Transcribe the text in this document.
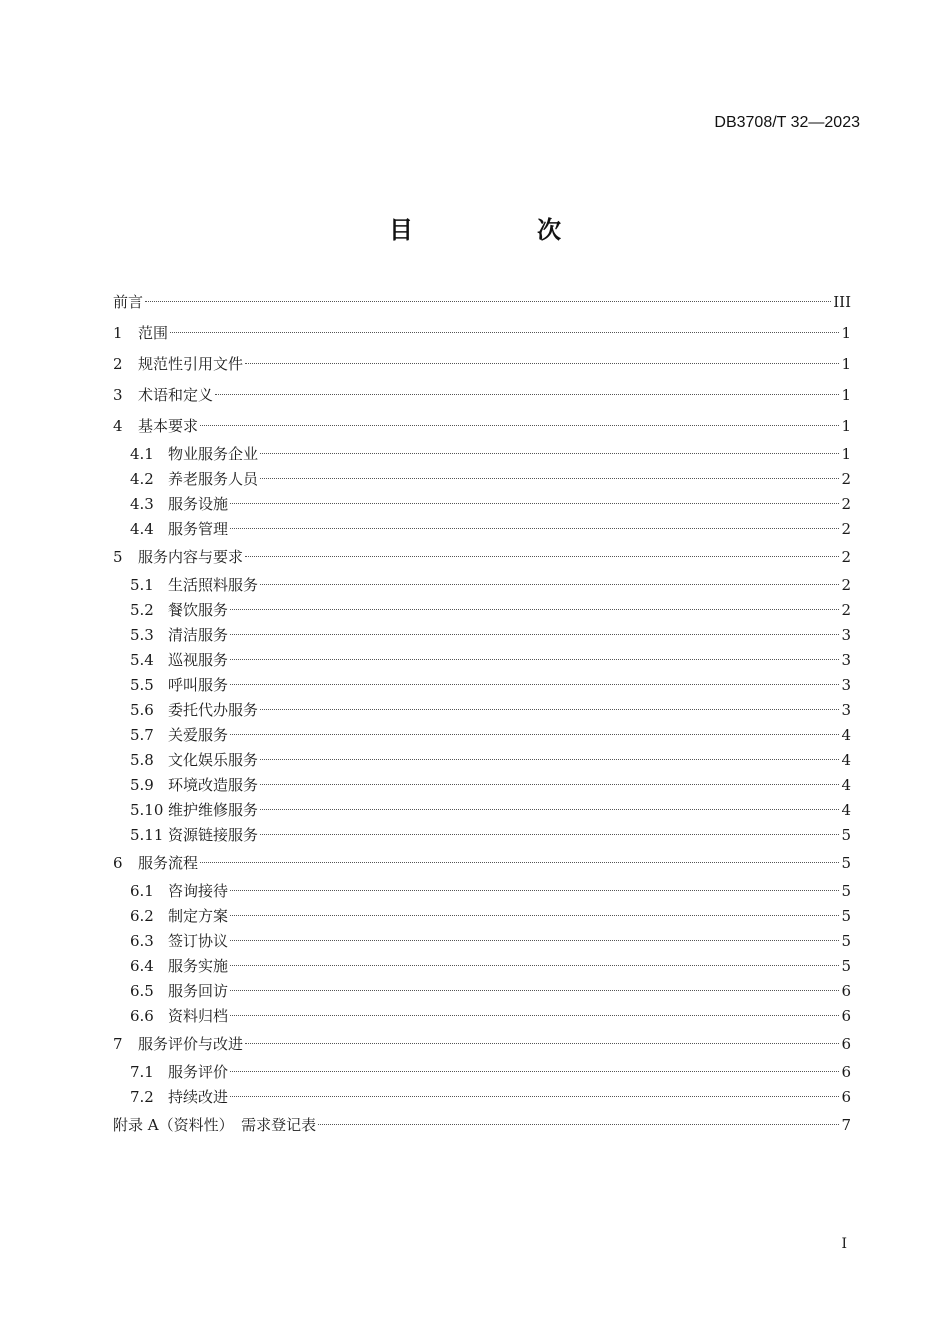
DB3708/T 32—2023
目　次
前言	III
1	范围	1
2	规范性引用文件	1
3	术语和定义	1
4	基本要求	1
4.1 物业服务企业	1
4.2 养老服务人员	2
4.3 服务设施	2
4.4 服务管理	2
5	服务内容与要求	2
5.1 生活照料服务	2
5.2 餐饮服务	2
5.3 清洁服务	3
5.4 巡视服务	3
5.5 呼叫服务	3
5.6 委托代办服务	3
5.7 关爱服务	4
5.8 文化娱乐服务	4
5.9 环境改造服务	4
5.10 维护维修服务	4
5.11 资源链接服务	5
6	服务流程	5
6.1 咨询接待	5
6.2 制定方案	5
6.3 签订协议	5
6.4 服务实施	5
6.5 服务回访	6
6.6 资料归档	6
7	服务评价与改进	6
7.1 服务评价	6
7.2 持续改进	6
附录 A（资料性）　需求登记表	7
I
